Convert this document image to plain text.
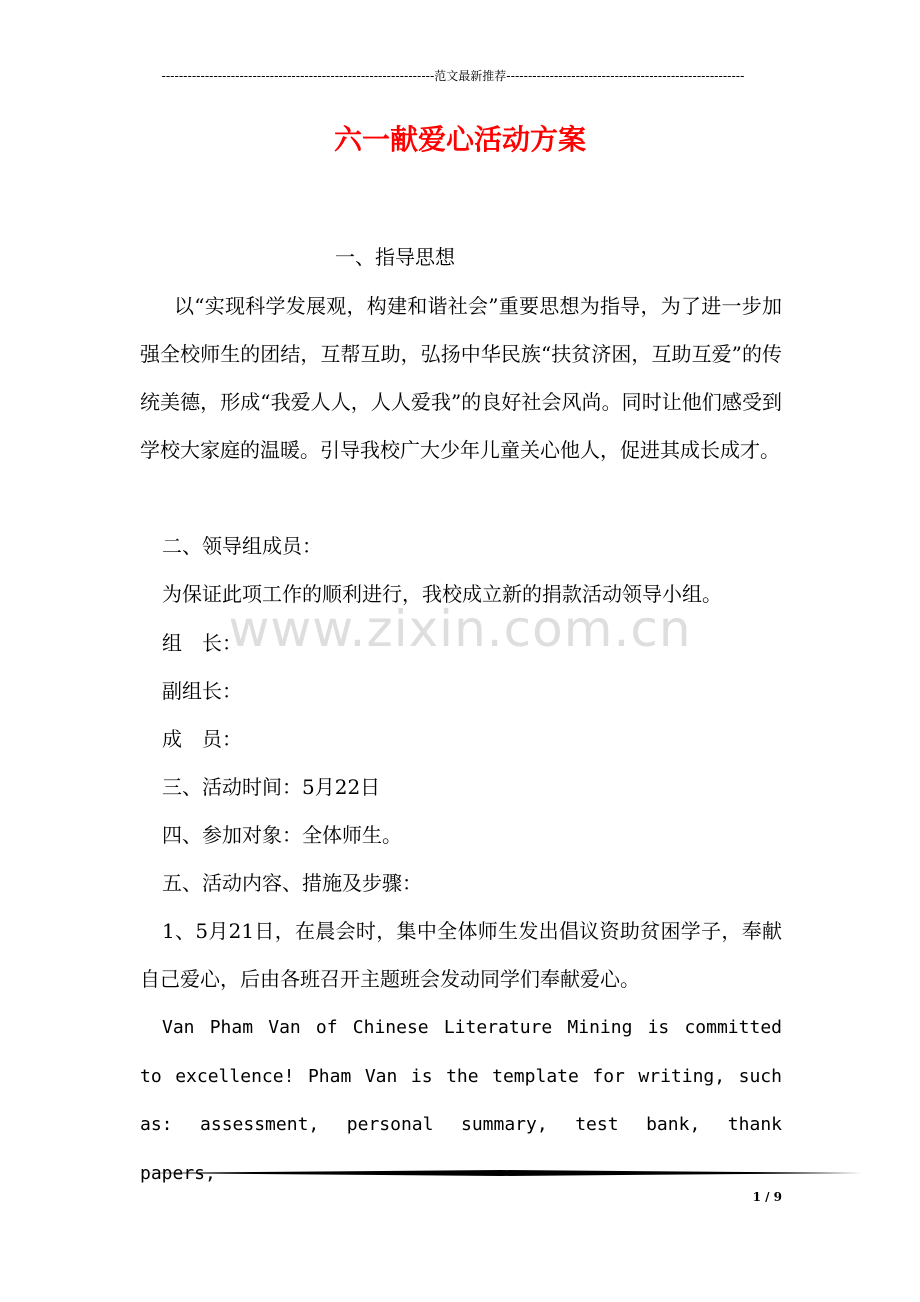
---------------------------------------------------------------范文最新推荐-------------------------------------------------------
六一献爱心活动方案
一、指导思想
以“实现科学发展观，构建和谐社会”重要思想为指导，为了进一步加强全校师生的团结，互帮互助，弘扬中华民族“扶贫济困，互助互爱”的传统美德，形成“我爱人人，人人爱我”的良好社会风尚。同时让他们感受到学校大家庭的温暖。引导我校广大少年儿童关心他人，促进其成长成才。
二、领导组成员：
为保证此项工作的顺利进行，我校成立新的捐款活动领导小组。
组　长：
副组长：
成　员：
三、活动时间：5月22日
四、参加对象：全体师生。
五、活动内容、措施及步骤：
1、5月21日，在晨会时，集中全体师生发出倡议资助贫困学子，奉献自己爱心，后由各班召开主题班会发动同学们奉献爱心。
Van Pham Van of Chinese Literature Mining is committed to excellence! Pham Van is the template for writing, such as: assessment, personal summary, test bank, thank
www.zixin.com.cn
1 / 9
